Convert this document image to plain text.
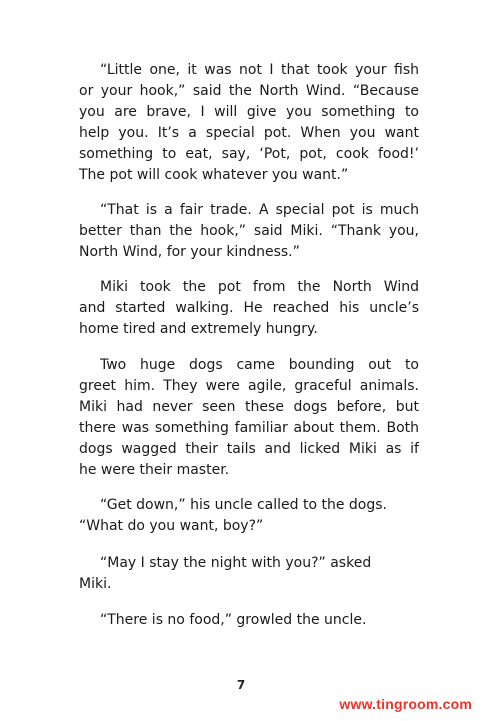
“Little one, it was not I that took your fish
or your hook,” said the North Wind. “Because
you are brave, I will give you something to
help you. It’s a special pot. When you want
something to eat, say, ‘Pot, pot, cook food!’
The pot will cook whatever you want.”
“That is a fair trade. A special pot is much
better than the hook,” said Miki. “Thank you,
North Wind, for your kindness.”
Miki took the pot from the North Wind
and started walking. He reached his uncle’s
home tired and extremely hungry.
Two huge dogs came bounding out to
greet him. They were agile, graceful animals.
Miki had never seen these dogs before, but
there was something familiar about them. Both
dogs wagged their tails and licked Miki as if
he were their master.
“Get down,” his uncle called to the dogs.
“What do you want, boy?”
“May I stay the night with you?” asked
Miki.
“There is no food,” growled the uncle.
7
www.tingroom.com
